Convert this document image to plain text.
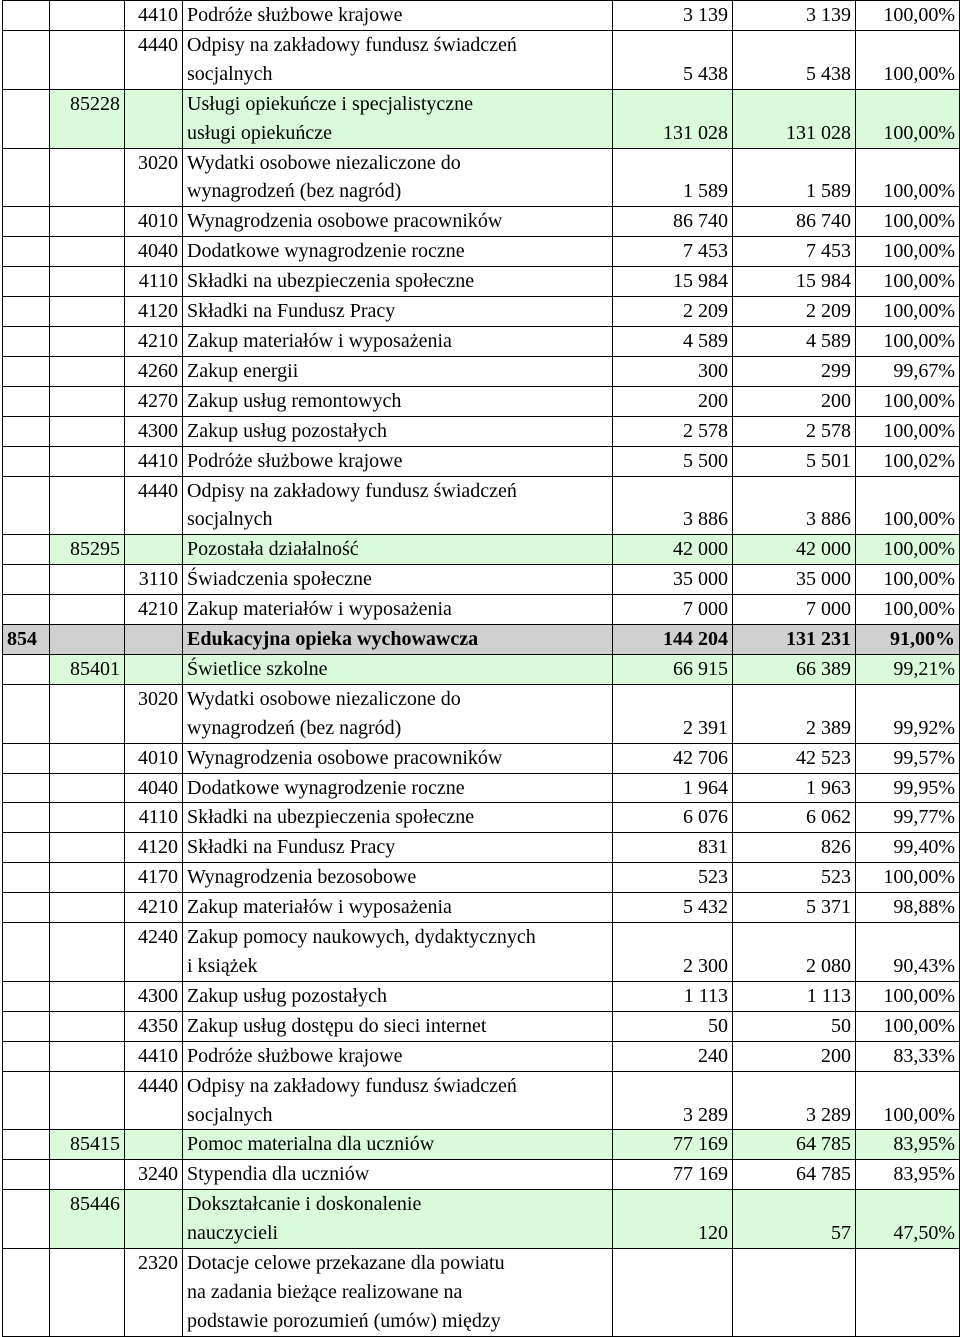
		4410	Podróże służbowe krajowe	3 139	3 139	100,00%
		4440	Odpisy na zakładowy fundusz świadczeń
socjalnych	5 438	5 438	100,00%
	85228		Usługi opiekuńcze i specjalistyczne
usługi opiekuńcze	131 028	131 028	100,00%
		3020	Wydatki osobowe niezaliczone do
wynagrodzeń (bez nagród)	1 589	1 589	100,00%
		4010	Wynagrodzenia osobowe pracowników	86 740	86 740	100,00%
		4040	Dodatkowe wynagrodzenie roczne	7 453	7 453	100,00%
		4110	Składki na ubezpieczenia społeczne	15 984	15 984	100,00%
		4120	Składki na Fundusz Pracy	2 209	2 209	100,00%
		4210	Zakup materiałów i wyposażenia	4 589	4 589	100,00%
		4260	Zakup energii	300	299	99,67%
		4270	Zakup usług remontowych	200	200	100,00%
		4300	Zakup usług pozostałych	2 578	2 578	100,00%
		4410	Podróże służbowe krajowe	5 500	5 501	100,02%
		4440	Odpisy na zakładowy fundusz świadczeń
socjalnych	3 886	3 886	100,00%
	85295		Pozostała działalność	42 000	42 000	100,00%
		3110	Świadczenia społeczne	35 000	35 000	100,00%
		4210	Zakup materiałów i wyposażenia	7 000	7 000	100,00%
854			Edukacyjna opieka wychowawcza	144 204	131 231	91,00%
	85401		Świetlice szkolne	66 915	66 389	99,21%
		3020	Wydatki osobowe niezaliczone do
wynagrodzeń (bez nagród)	2 391	2 389	99,92%
		4010	Wynagrodzenia osobowe pracowników	42 706	42 523	99,57%
		4040	Dodatkowe wynagrodzenie roczne	1 964	1 963	99,95%
		4110	Składki na ubezpieczenia społeczne	6 076	6 062	99,77%
		4120	Składki na Fundusz Pracy	831	826	99,40%
		4170	Wynagrodzenia bezosobowe	523	523	100,00%
		4210	Zakup materiałów i wyposażenia	5 432	5 371	98,88%
		4240	Zakup pomocy naukowych, dydaktycznych
i książek	2 300	2 080	90,43%
		4300	Zakup usług pozostałych	1 113	1 113	100,00%
		4350	Zakup usług dostępu do sieci internet	50	50	100,00%
		4410	Podróże służbowe krajowe	240	200	83,33%
		4440	Odpisy na zakładowy fundusz świadczeń
socjalnych	3 289	3 289	100,00%
	85415		Pomoc materialna dla uczniów	77 169	64 785	83,95%
		3240	Stypendia dla uczniów	77 169	64 785	83,95%
	85446		Dokształcanie i doskonalenie
nauczycieli	120	57	47,50%
		2320	Dotacje celowe przekazane dla powiatu
na zadania bieżące realizowane na
podstawie porozumień (umów) między			
